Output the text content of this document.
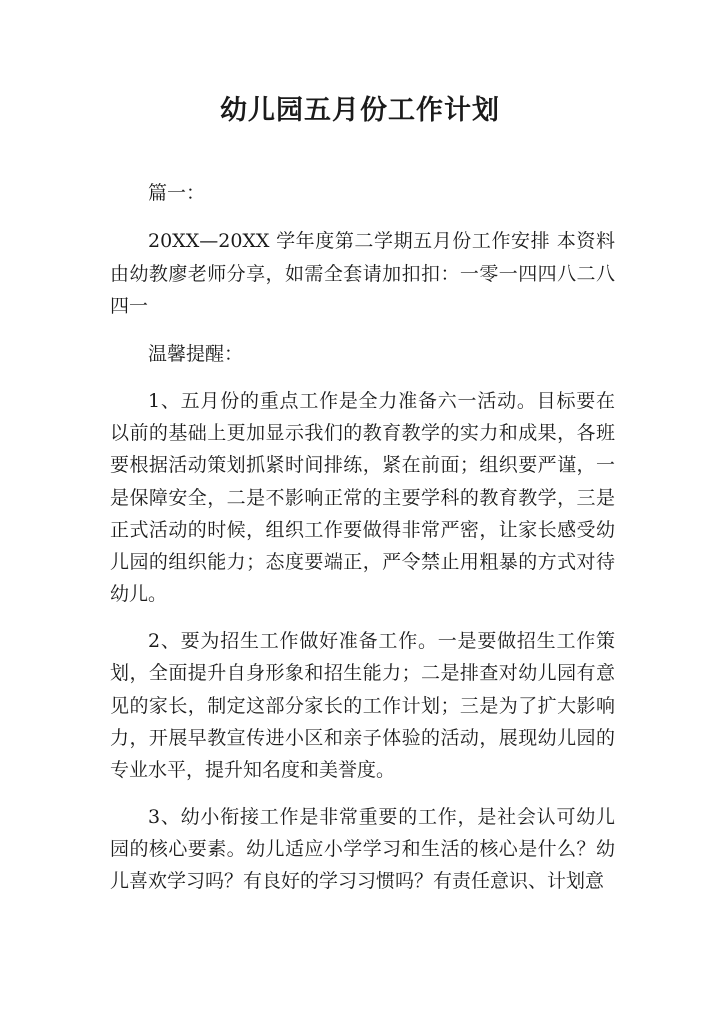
幼儿园五月份工作计划

篇一：

20XX—20XX 学年度第二学期五月份工作安排 本资料由幼教廖老师分享，如需全套请加扣扣：一零一四四八二八四一

温馨提醒：

1、五月份的重点工作是全力准备六一活动。目标要在以前的基础上更加显示我们的教育教学的实力和成果，各班要根据活动策划抓紧时间排练，紧在前面；组织要严谨，一是保障安全，二是不影响正常的主要学科的教育教学，三是正式活动的时候，组织工作要做得非常严密，让家长感受幼儿园的组织能力；态度要端正，严令禁止用粗暴的方式对待幼儿。

2、要为招生工作做好准备工作。一是要做招生工作策划，全面提升自身形象和招生能力；二是排查对幼儿园有意见的家长，制定这部分家长的工作计划；三是为了扩大影响力，开展早教宣传进小区和亲子体验的活动，展现幼儿园的专业水平，提升知名度和美誉度。

3、幼小衔接工作是非常重要的工作，是社会认可幼儿园的核心要素。幼儿适应小学学习和生活的核心是什么？幼儿喜欢学习吗？有良好的学习习惯吗？有责任意识、计划意
